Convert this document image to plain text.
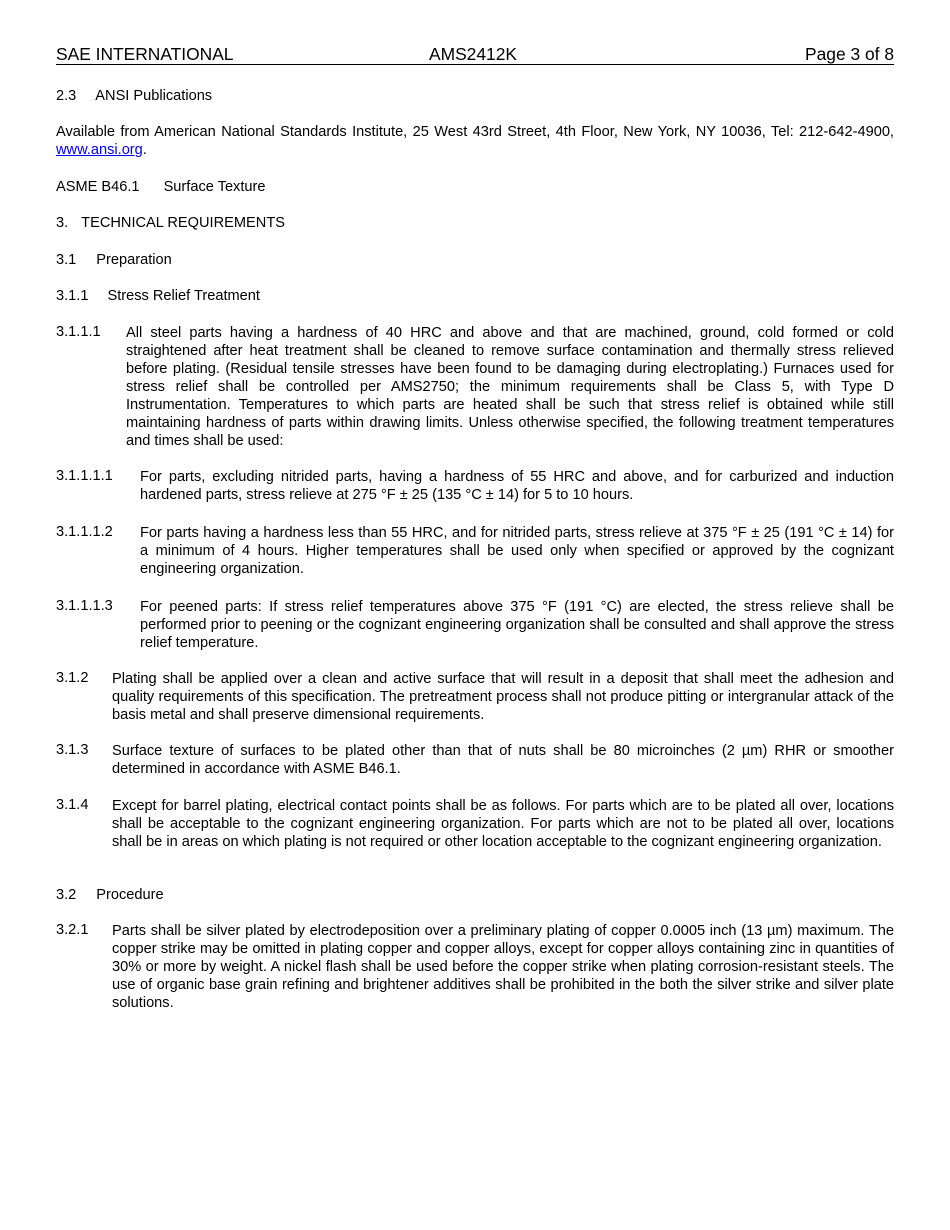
SAE INTERNATIONAL	AMS2412K	Page 3 of 8

2.3 ANSI Publications

Available from American National Standards Institute, 25 West 43rd Street, 4th Floor, New York, NY 10036, Tel: 212-642-4900, www.ansi.org.

ASME B46.1 Surface Texture

3. TECHNICAL REQUIREMENTS

3.1 Preparation

3.1.1 Stress Relief Treatment

3.1.1.1 All steel parts having a hardness of 40 HRC and above and that are machined, ground, cold formed or cold straightened after heat treatment shall be cleaned to remove surface contamination and thermally stress relieved before plating. (Residual tensile stresses have been found to be damaging during electroplating.) Furnaces used for stress relief shall be controlled per AMS2750; the minimum requirements shall be Class 5, with Type D Instrumentation. Temperatures to which parts are heated shall be such that stress relief is obtained while still maintaining hardness of parts within drawing limits. Unless otherwise specified, the following treatment temperatures and times shall be used:

3.1.1.1.1 For parts, excluding nitrided parts, having a hardness of 55 HRC and above, and for carburized and induction hardened parts, stress relieve at 275 °F ± 25 (135 °C ± 14) for 5 to 10 hours.

3.1.1.1.2 For parts having a hardness less than 55 HRC, and for nitrided parts, stress relieve at 375 °F ± 25 (191 °C ± 14) for a minimum of 4 hours. Higher temperatures shall be used only when specified or approved by the cognizant engineering organization.

3.1.1.1.3 For peened parts: If stress relief temperatures above 375 °F (191 °C) are elected, the stress relieve shall be performed prior to peening or the cognizant engineering organization shall be consulted and shall approve the stress relief temperature.

3.1.2 Plating shall be applied over a clean and active surface that will result in a deposit that shall meet the adhesion and quality requirements of this specification. The pretreatment process shall not produce pitting or intergranular attack of the basis metal and shall preserve dimensional requirements.

3.1.3 Surface texture of surfaces to be plated other than that of nuts shall be 80 microinches (2 µm) RHR or smoother determined in accordance with ASME B46.1.

3.1.4 Except for barrel plating, electrical contact points shall be as follows. For parts which are to be plated all over, locations shall be acceptable to the cognizant engineering organization. For parts which are not to be plated all over, locations shall be in areas on which plating is not required or other location acceptable to the cognizant engineering organization.

3.2 Procedure

3.2.1 Parts shall be silver plated by electrodeposition over a preliminary plating of copper 0.0005 inch (13 µm) maximum. The copper strike may be omitted in plating copper and copper alloys, except for copper alloys containing zinc in quantities of 30% or more by weight. A nickel flash shall be used before the copper strike when plating corrosion-resistant steels. The use of organic base grain refining and brightener additives shall be prohibited in the both the silver strike and silver plate solutions.
